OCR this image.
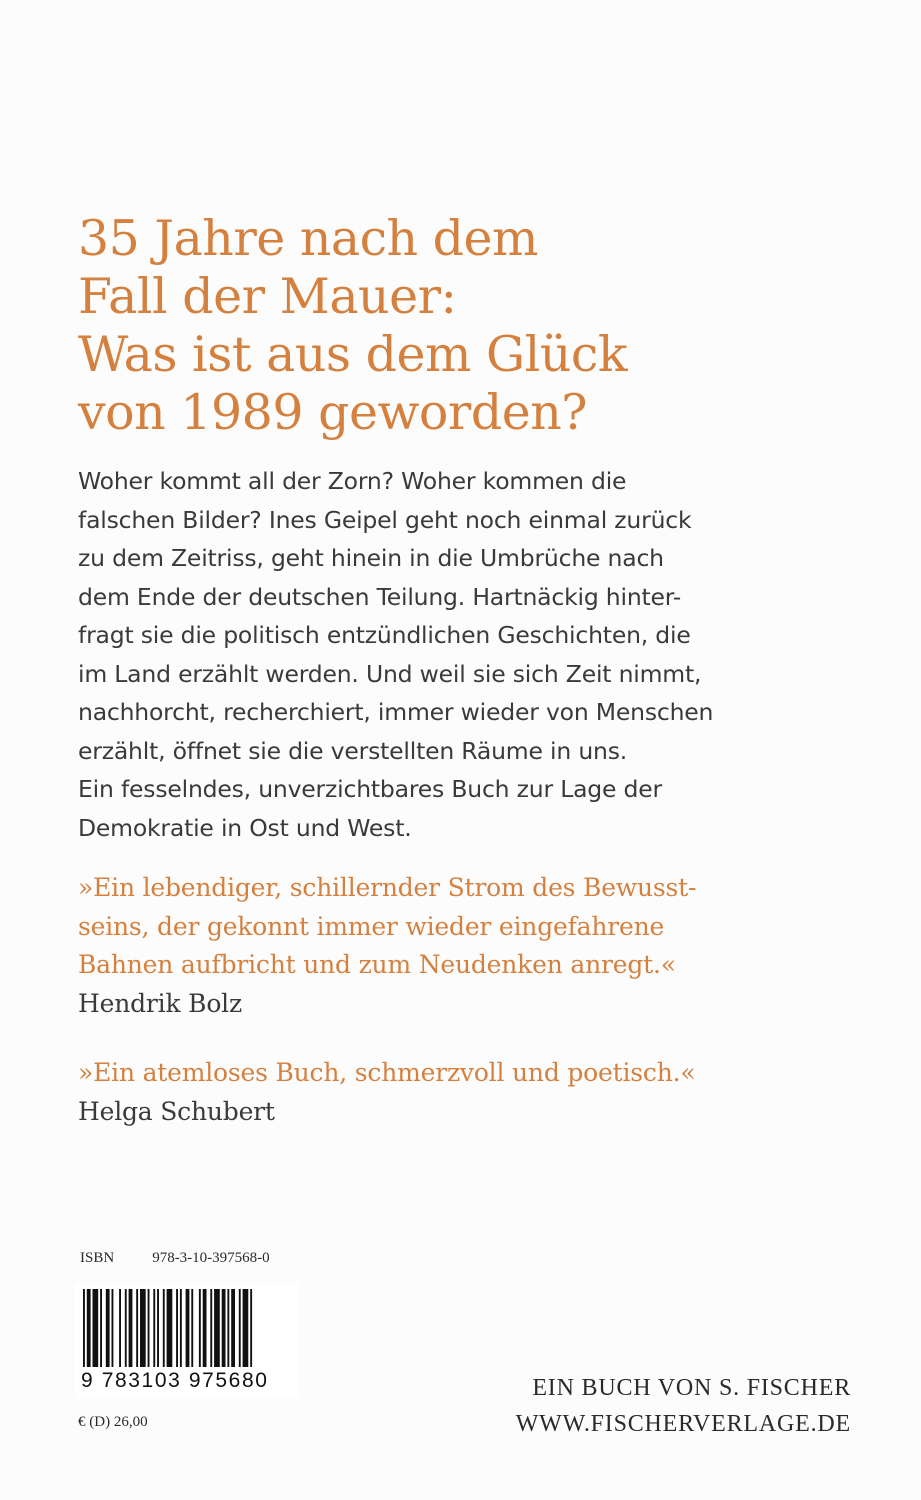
35 Jahre nach dem
Fall der Mauer:
Was ist aus dem Glück
von 1989 geworden?
Woher kommt all der Zorn? Woher kommen die
falschen Bilder? Ines Geipel geht noch einmal zurück
zu dem Zeitriss, geht hinein in die Umbrüche nach
dem Ende der deutschen Teilung. Hartnäckig hinter-
fragt sie die politisch entzündlichen Geschichten, die
im Land erzählt werden. Und weil sie sich Zeit nimmt,
nachhorcht, recherchiert, immer wieder von Menschen
erzählt, öffnet sie die verstellten Räume in uns.
Ein fesselndes, unverzichtbares Buch zur Lage der
Demokratie in Ost und West.
»Ein lebendiger, schillernder Strom des Bewusst-
seins, der gekonnt immer wieder eingefahrene
Bahnen aufbricht und zum Neudenken anregt.«
Hendrik Bolz
»Ein atemloses Buch, schmerzvoll und poetisch.«
Helga Schubert
ISBN	978-3-10-397568-0
9 783103 975680
€ (D) 26,00
EIN BUCH VON S. FISCHER
WWW.FISCHERVERLAGE.DE
